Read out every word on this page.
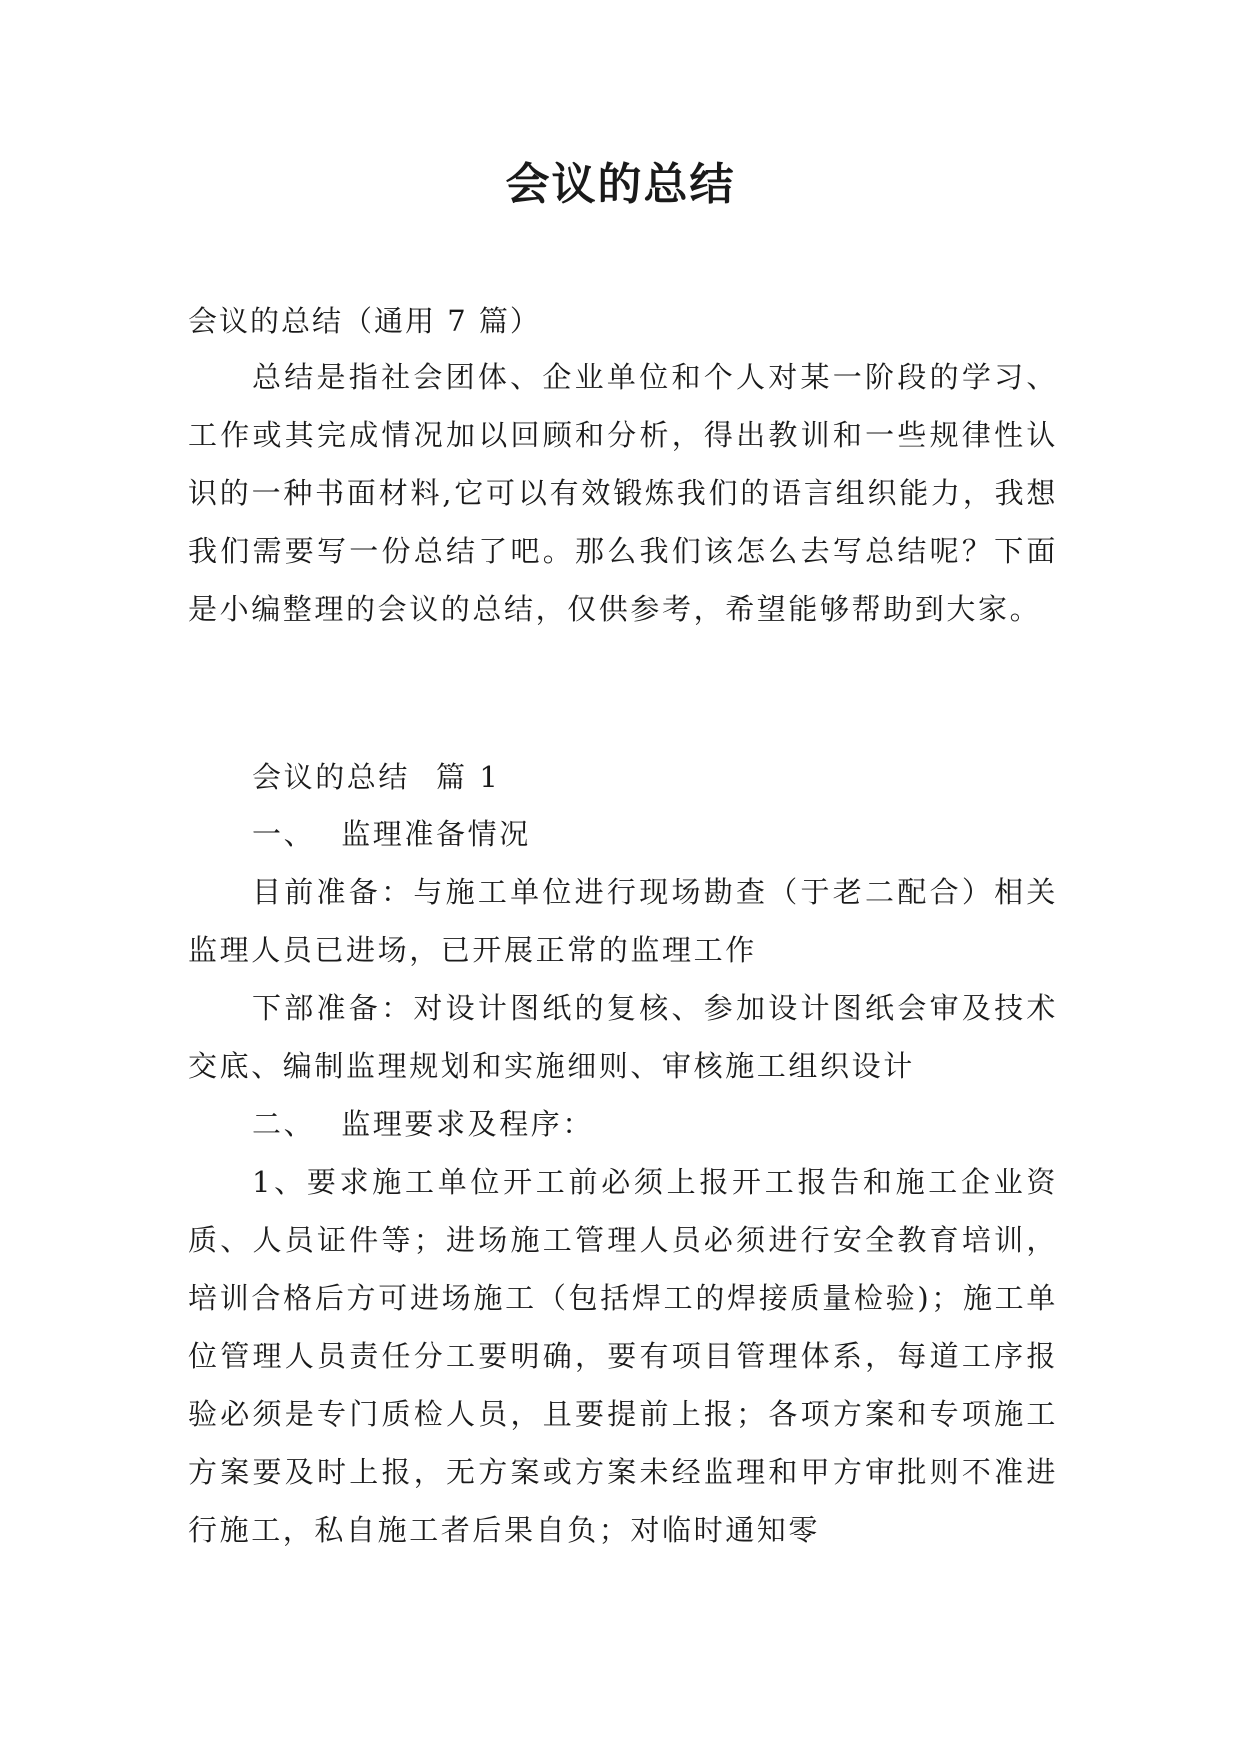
会议的总结
会议的总结（通用 7 篇）
总结是指社会团体、企业单位和个人对某一阶段的学习、工作或其完成情况加以回顾和分析，得出教训和一些规律性认识的一种书面材料,它可以有效锻炼我们的语言组织能力，我想我们需要写一份总结了吧。那么我们该怎么去写总结呢？下面是小编整理的会议的总结，仅供参考，希望能够帮助到大家。
会议的总结 篇 1
一、 监理准备情况
目前准备：与施工单位进行现场勘查（于老二配合）相关监理人员已进场，已开展正常的监理工作
下部准备：对设计图纸的复核、参加设计图纸会审及技术交底、编制监理规划和实施细则、审核施工组织设计
二、 监理要求及程序：
1、要求施工单位开工前必须上报开工报告和施工企业资质、人员证件等；进场施工管理人员必须进行安全教育培训，培训合格后方可进场施工（包括焊工的焊接质量检验)；施工单位管理人员责任分工要明确，要有项目管理体系，每道工序报验必须是专门质检人员，且要提前上报；各项方案和专项施工方案要及时上报，无方案或方案未经监理和甲方审批则不准进行施工，私自施工者后果自负；对临时通知零
